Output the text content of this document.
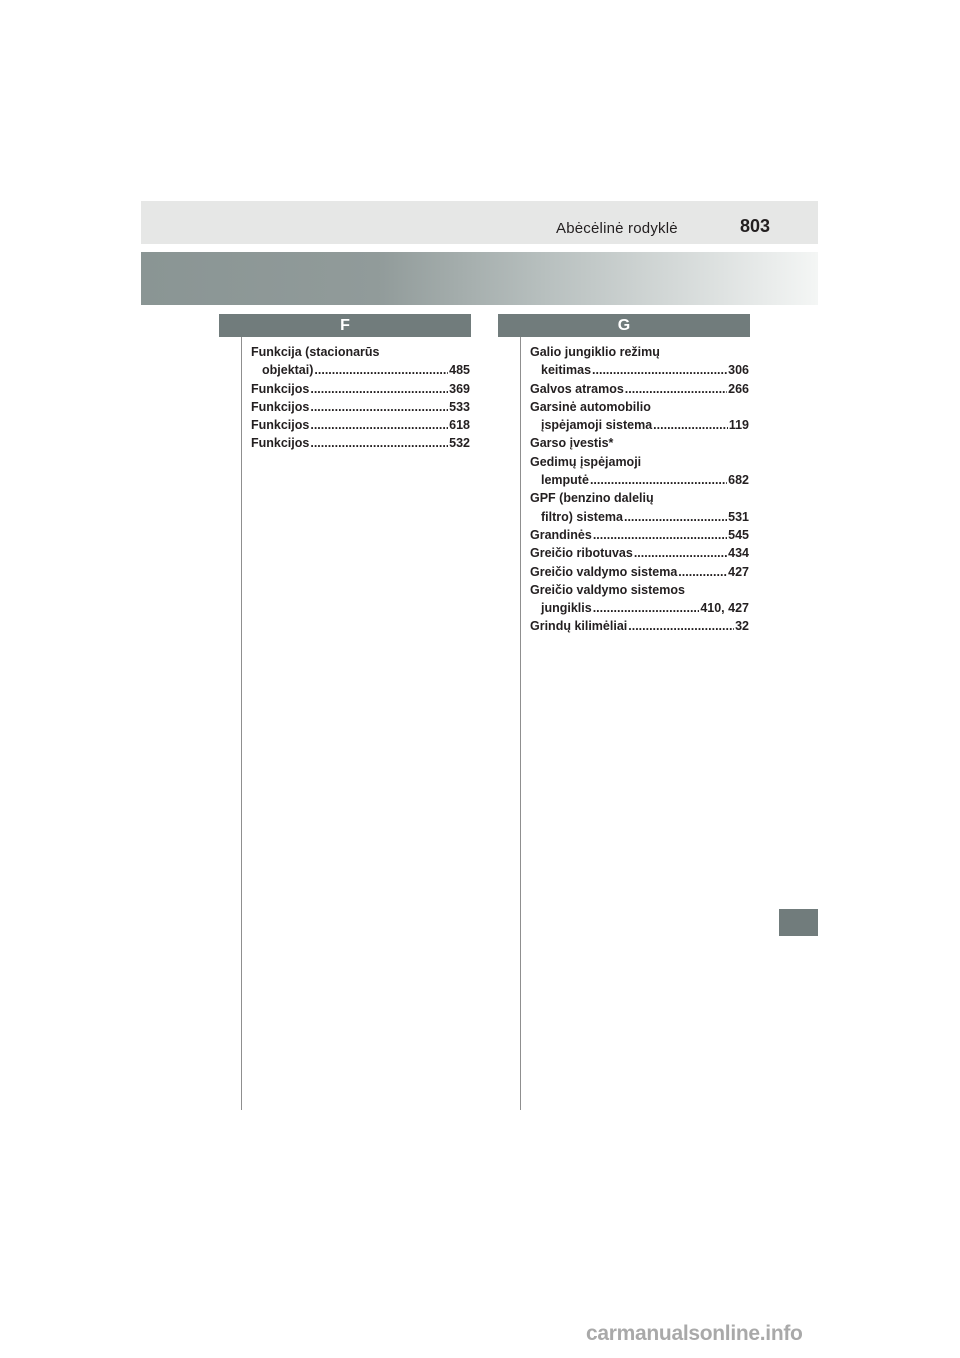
Abėcėlinė rodyklė	803
F	G
Funkcija (stacionarūs
objektai) .....	485
Funkcijos .....	369
Funkcijos .....	533
Funkcijos .....	618
Funkcijos .....	532
Galio jungiklio režimų
keitimas .....	306
Galvos atramos .....	266
Garsinė automobilio
įspėjamoji sistema .....	119
Garso įvestis*
Gedimų įspėjamoji
lemputė .....	682
GPF (benzino dalelių
filtro) sistema .....	531
Grandinės .....	545
Greičio ribotuvas .....	434
Greičio valdymo sistema .....	427
Greičio valdymo sistemos
jungiklis .....	410, 427
Grindų kilimėliai .....	32
carmanualsonline.info
